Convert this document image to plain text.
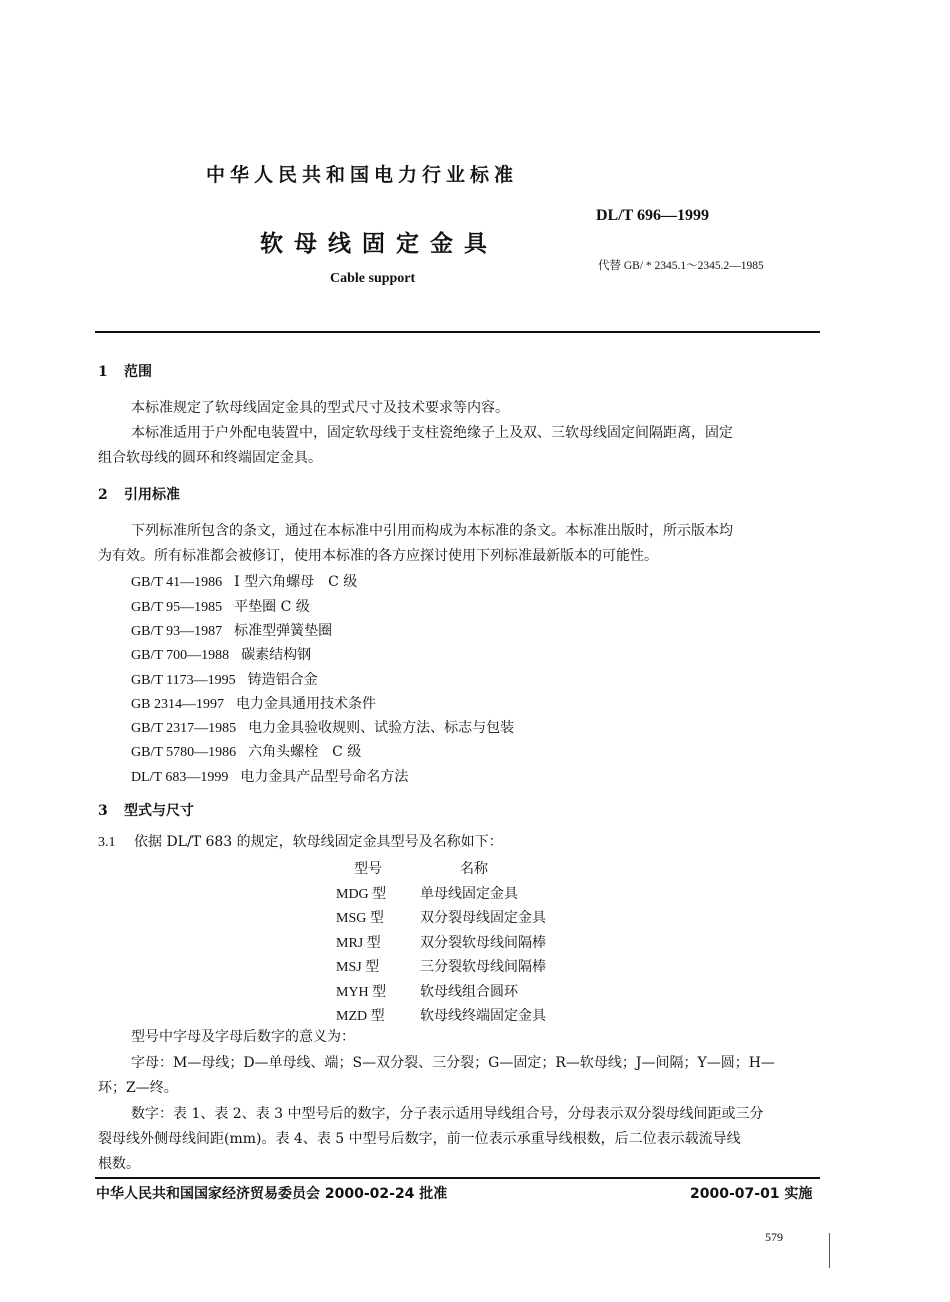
中华人民共和国电力行业标准
软母线固定金具
Cable support
DL/T 696—1999
代替 GB/ * 2345.1～2345.2—1985
1 范围
本标准规定了软母线固定金具的型式尺寸及技术要求等内容。
本标准适用于户外配电装置中，固定软母线于支柱瓷绝缘子上及双、三软母线固定间隔距离，固定
组合软母线的圆环和终端固定金具。
2 引用标准
下列标准所包含的条文，通过在本标准中引用而构成为本标准的条文。本标准出版时，所示版本均
为有效。所有标准都会被修订，使用本标准的各方应探讨使用下列标准最新版本的可能性。
GB/T 41—1986 I 型六角螺母　C 级
GB/T 95—1985 平垫圈 C 级
GB/T 93—1987 标准型弹簧垫圈
GB/T 700—1988 碳素结构钢
GB/T 1173—1995 铸造铝合金
GB 2314—1997 电力金具通用技术条件
GB/T 2317—1985 电力金具验收规则、试验方法、标志与包装
GB/T 5780—1986 六角头螺栓　C 级
DL/T 683—1999 电力金具产品型号命名方法
3 型式与尺寸
3.1 依据 DL/T 683 的规定，软母线固定金具型号及名称如下：
型号	名称
MDG 型	单母线固定金具
MSG 型	双分裂母线固定金具
MRJ 型	双分裂软母线间隔棒
MSJ 型	三分裂软母线间隔棒
MYH 型	软母线组合圆环
MZD 型	软母线终端固定金具
型号中字母及字母后数字的意义为：
字母：M—母线；D—单母线、端；S—双分裂、三分裂；G—固定；R—软母线；J—间隔；Y—圆；H—
环；Z—终。
数字：表 1、表 2、表 3 中型号后的数字，分子表示适用导线组合号，分母表示双分裂母线间距或三分
裂母线外侧母线间距(mm)。表 4、表 5 中型号后数字，前一位表示承重导线根数，后二位表示载流导线
根数。
中华人民共和国国家经济贸易委员会 2000-02-24 批准	2000-07-01 实施
579
